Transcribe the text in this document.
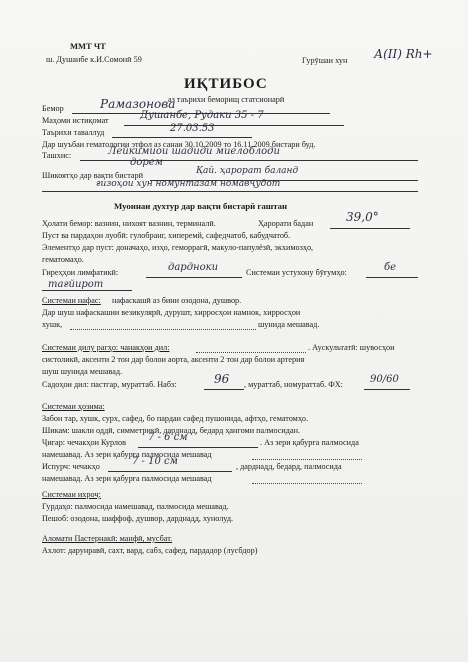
ММТ ЧТ
ш. Душанбе к.И.Сомонӣ 59	Гурӯшаи хун А(II) Rh+
ИҚТИБОС
аз таърихи беморищ статсионарӣ
Бемор	Рамазонова
Маҳоми истиқомат	Душанбе, Рудаки 35 - 7
Таърихи таваллуд	27.03.53
Дар шуъбаи гематологии этфол аз санаи 30.10.2009 то 16.11.2009 бистари буд.
Ташхис:	Лейкимиои шадиди миелоблоди
дорем
Шикоятҳо дар вақти бистарӣ	Қай. ҳарорат баланд
ғизоҳои хун номунтазам номавҷудот
Муоинаи духтур дар вақти бистарӣ гаштан
Ҳолати бемор: вазнин, нихоят вазнин, терминалӣ.	Ҳарорати бадан	39,0°
Пуст ва пардаҳои луобӣ: гулобранг, хиперемй, сафедчатоб, кабудчатоб.
Элементҳо дар пуст: доначаҳо, изҳо, геморрагӣ, макуло-папулёзӣ, экхимозҳо,
гематомаҳо.
Гиреҳҳои лимфатикӣ:	дардноки	Системаи устухону бӯғумҳо:	бе
тағйирот
Системаи нафас: нафаскашӣ аз бини озодона, душвор.
Дар шуш нафаскашии везикулярӣ, дурушт, хирросҳои намнок, хирросҳои
хушк,	шунида мешавад.
Системаи дилу рагҳо: чанакҳои дил:	. Аускультатӣ: шувосҳои
систоликӣ, аксенти 2 тон дар болои аорта, аксенти 2 тон дар болои артерия
шуш шунида мешавад.
Садоҳои дил: пастгар, мураттаб. Набз:	96 , мураттаб, номураттаб. ФХ:	90/60
Системаи ҳозима:
Забон тар, хушк, сурх, сафед, бо пардаи сафед пушонида, афтҳо, гематомҳо.
Шикам: шакли оддӣ, симметрикӣ, дарднадд, бедард ҳангоми палмосидан.
Ҷигар: чечакҳои Курлов 7 - 6 см	. Аз зери қабурға палмосида
намешавад. Аз зери қабурға палмосида мешавад
Испурч: чечакҳо	7 - 10 см	, дарднадд, бедард, палмосида
намешавад. Аз зери қабурға палмосида мешавад
Системаи ихроҷ:
Гурдаҳо: палмосида намешавад, палмосида мешавад.
Пешоб: озодона, шаффоф, душвор, дарднадд, хунолуд.
Аломати Пастернакӣ: манфӣ, мусбат.
Ахлот: дарунравӣ, сахт, вард, сабз, сафед, пардадор (лусбдор)
